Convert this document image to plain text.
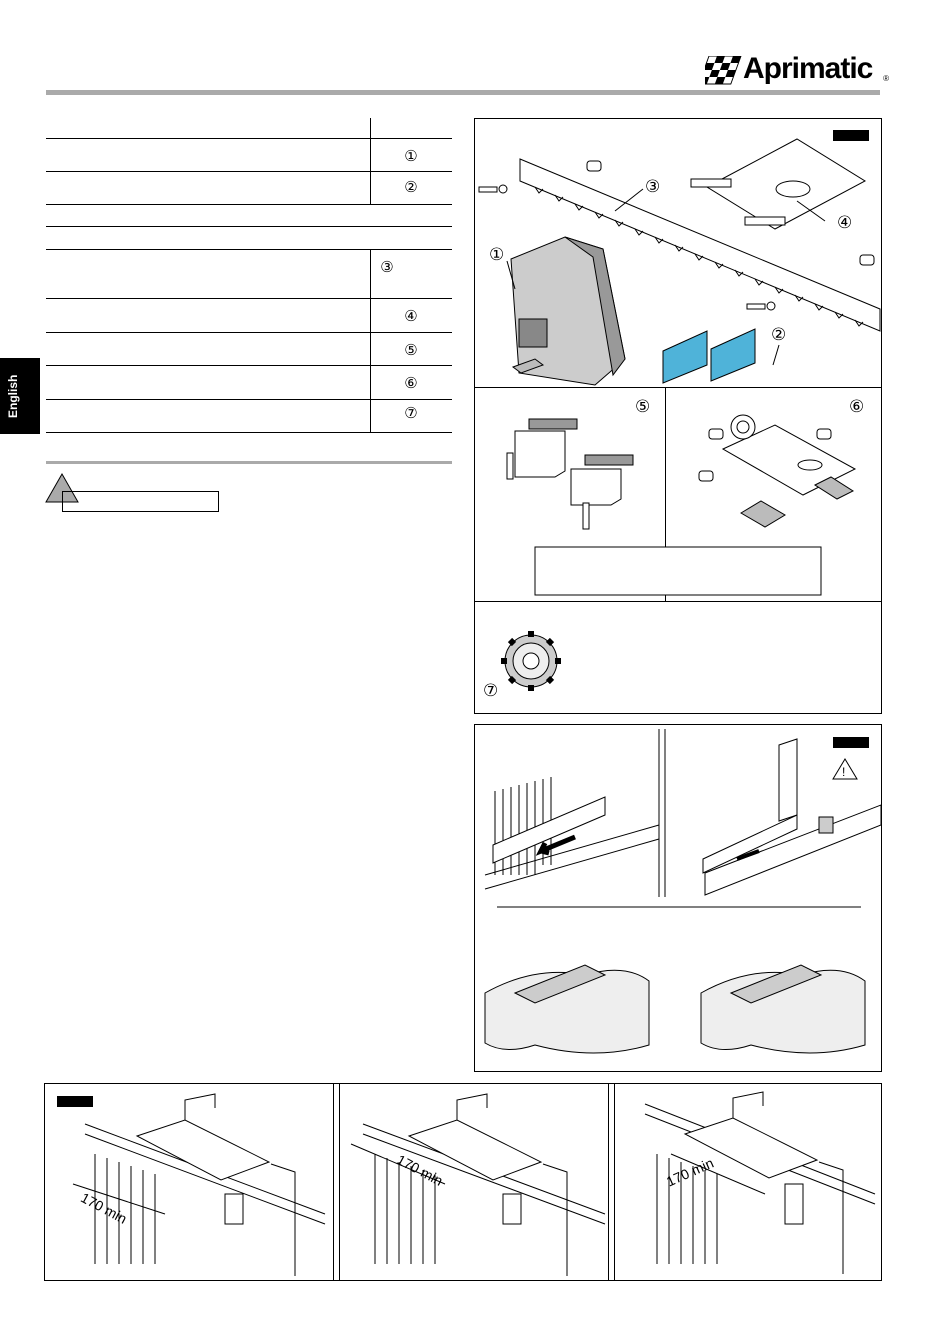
Aprimatic ®
English
①
②
③
④
⑤
⑥
⑦
①
②
③
④
⑤	⑥
⑦
!
170 min
170 min	170 min
